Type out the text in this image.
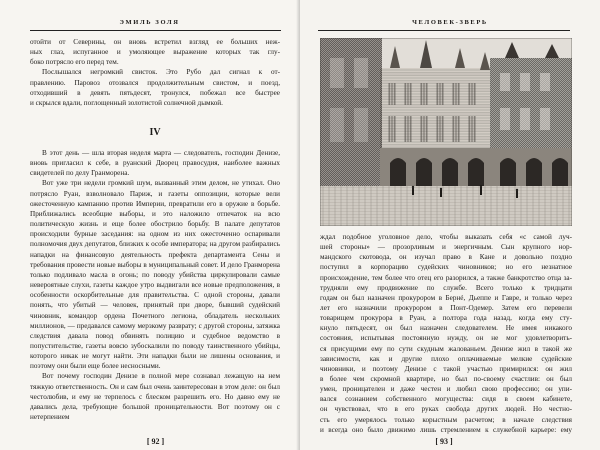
ЭМИЛЬ ЗОЛЯ
отойти от Северины, он вновь встретил взгляд ее больших неж-
ных глаз, испуганное и умоляющее выражение которых так глу-
боко потрясло его перед тем.
Послышался негромкий свисток. Это Рубо дал сигнал к от-
правлению. Паровоз отозвался продолжительным свистом, и поезд,
отходивший в девять пятьдесят, тронулся, побежал все быстрее
и скрылся вдали, поглощенный золотистой солнечной дымкой.
IV

В этот день — шла вторая неделя марта — следователь, господин Денизе, вновь пригласил к себе, в руанский Дворец правосудия, наиболее важных свидетелей по делу Гранморена.

Вот уже три недели громкий шум, вызванный этим делом, не утихал. Оно потрясло Руан, взволновало Париж, и газеты оппозиции, которые вели ожесточенную кампанию против Империи, превратили его в оружие в борьбе. Приближались всеобщие выборы, и это наложило отпечаток на всю политическую жизнь и еще более обострило борьбу. В палате депутатов происходили бурные заседания: на одном из них ожесточенно оспаривали полномочия двух депутатов, близких к особе императора; на другом разбирались нападки на финансовую деятельность префекта департамента Сены и требования провести новые выборы в муниципальный совет. И дело Гранморена только подливало масла в огонь; по поводу убийства циркулировали самые невероятные слухи, газеты каждое утро выдвигали все новые предположения, в особенности оскорбительные для правительства. С одной стороны, давали понять, что убитый — человек, принятый при дворе, бывший судейский чиновник, командор ордена Почетного легиона, обладатель нескольких миллионов, — предавался самому мерзкому разврату; с другой стороны, затяжка следствия давала повод обвинять полицию и судебное ведомство в попустительстве, газеты вовсю зубоскалили по поводу таинственного убийцы, которого никак не могут найти. Эти нападки были не лишены основания, и поэтому они были еще более несносными.

Вот почему господин Денизе в полной мере сознавал лежащую на нем тяжкую ответственность. Он и сам был очень заинтересован в этом деле: он был честолюбив, и ему не терпелось с блеском разрешить его. Но давно ему не давались дела, требующие большой проницательности. Вот поэтому он с нетерпением

[ 92 ]
ЧЕЛОВЕК-ЗВЕРЬ
ждал подобное уголовное дело, чтобы выказать себя «с самой луч-
шей стороны» — прозорливым и энергичным. Сын крупного нор-
мандского скотовода, он изучал право в Кане и довольно поздно
поступил в корпорацию судейских чиновников; но его незнатное
происхождение, тем более что отец его разорился, а также банкротство отца за-
трудняли ему продвижение по службе. Всего только к тридцати
годам он был назначен прокурором в Бернé, Дьеппе и Гавре, и только через
лет его назначили прокурором в Понт-Одемер. Затем его перевели
товарищем прокурора в Руан, а полтора года назад, когда ему сту-
кнуло пятьдесят, он был назначен следователем. Не имея никакого
состояния, испытывая постоянную нужду, он не мог удовлетворить-
ся присущими ему по сути скудным жалованьем. Денизе жил в такой же
зависимости, как и другие плохо оплачиваемые мелкие судейские
чиновники, и поэтому Денизе с такой участью примирился: он жил
в более чем скромной квартире, но был по-своему счастлив: он был
умен, проницателен и даже честен и любил свою профессию; он упи-
вался сознанием собственного могущества: сидя в своем кабинете,
он чувствовал, что в его руках свобода других людей. Но честно-
сть его умерялось только корыстным расчетом; в начале следствия
и всегда оно было движимо лишь стремлением к служебной карьере: ему
[ 93 ]
